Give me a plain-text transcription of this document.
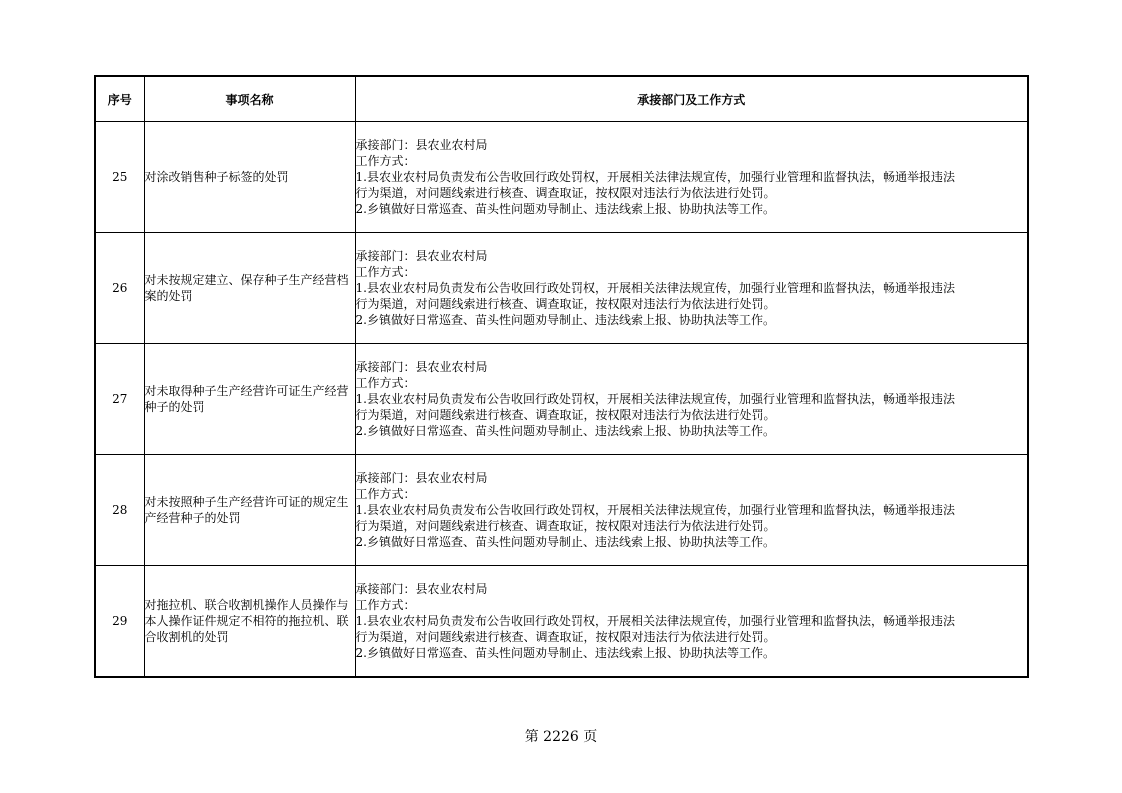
序号	事项名称	承接部门及工作方式
25	对涂改销售种子标签的处罚	承接部门：县农业农村局
工作方式：
1.县农业农村局负责发布公告收回行政处罚权，开展相关法律法规宣传，加强行业管理和监督执法，畅通举报违法
行为渠道，对问题线索进行核查、调查取证，按权限对违法行为依法进行处罚。
2.乡镇做好日常巡查、苗头性问题劝导制止、违法线索上报、协助执法等工作。

26	对未按规定建立、保存种子生产经营档案的处罚	承接部门：县农业农村局
工作方式：
1.县农业农村局负责发布公告收回行政处罚权，开展相关法律法规宣传，加强行业管理和监督执法，畅通举报违法
行为渠道，对问题线索进行核查、调查取证，按权限对违法行为依法进行处罚。
2.乡镇做好日常巡查、苗头性问题劝导制止、违法线索上报、协助执法等工作。

27	对未取得种子生产经营许可证生产经营种子的处罚	承接部门：县农业农村局
工作方式：
1.县农业农村局负责发布公告收回行政处罚权，开展相关法律法规宣传，加强行业管理和监督执法，畅通举报违法
行为渠道，对问题线索进行核查、调查取证，按权限对违法行为依法进行处罚。
2.乡镇做好日常巡查、苗头性问题劝导制止、违法线索上报、协助执法等工作。

28	对未按照种子生产经营许可证的规定生产经营种子的处罚	承接部门：县农业农村局
工作方式：
1.县农业农村局负责发布公告收回行政处罚权，开展相关法律法规宣传，加强行业管理和监督执法，畅通举报违法
行为渠道，对问题线索进行核查、调查取证，按权限对违法行为依法进行处罚。
2.乡镇做好日常巡查、苗头性问题劝导制止、违法线索上报、协助执法等工作。

29	对拖拉机、联合收割机操作人员操作与本人操作证件规定不相符的拖拉机、联合收割机的处罚	承接部门：县农业农村局
工作方式：
1.县农业农村局负责发布公告收回行政处罚权，开展相关法律法规宣传，加强行业管理和监督执法，畅通举报违法
行为渠道，对问题线索进行核查、调查取证，按权限对违法行为依法进行处罚。
2.乡镇做好日常巡查、苗头性问题劝导制止、违法线索上报、协助执法等工作。
第 2226 页
